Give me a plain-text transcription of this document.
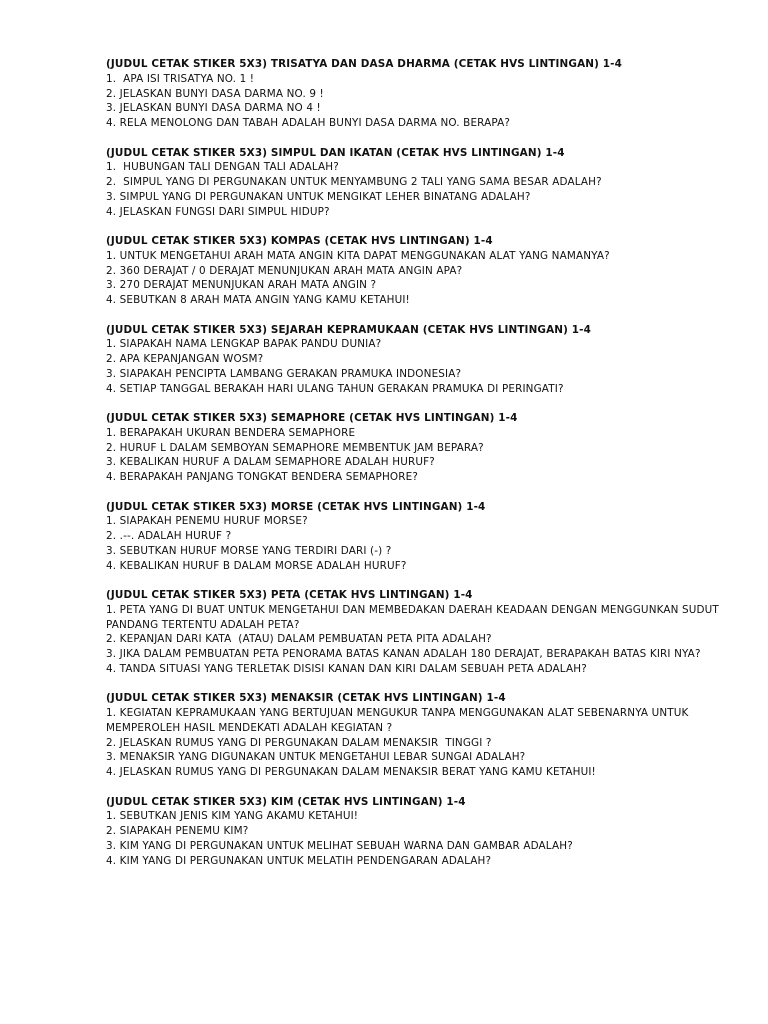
(JUDUL CETAK STIKER 5X3) TRISATYA DAN DASA DHARMA (CETAK HVS LINTINGAN) 1-4
1.  APA ISI TRISATYA NO. 1 !
2. JELASKAN BUNYI DASA DARMA NO. 9 !
3. JELASKAN BUNYI DASA DARMA NO 4 !
4. RELA MENOLONG DAN TABAH ADALAH BUNYI DASA DARMA NO. BERAPA?
(JUDUL CETAK STIKER 5X3) SIMPUL DAN IKATAN (CETAK HVS LINTINGAN) 1-4
1.  HUBUNGAN TALI DENGAN TALI ADALAH?
2.  SIMPUL YANG DI PERGUNAKAN UNTUK MENYAMBUNG 2 TALI YANG SAMA BESAR ADALAH?
3. SIMPUL YANG DI PERGUNAKAN UNTUK MENGIKAT LEHER BINATANG ADALAH?
4. JELASKAN FUNGSI DARI SIMPUL HIDUP?
(JUDUL CETAK STIKER 5X3) KOMPAS (CETAK HVS LINTINGAN) 1-4
1. UNTUK MENGETAHUI ARAH MATA ANGIN KITA DAPAT MENGGUNAKAN ALAT YANG NAMANYA?
2. 360 DERAJAT / 0 DERAJAT MENUNJUKAN ARAH MATA ANGIN APA?
3. 270 DERAJAT MENUNJUKAN ARAH MATA ANGIN ?
4. SEBUTKAN 8 ARAH MATA ANGIN YANG KAMU KETAHUI!
(JUDUL CETAK STIKER 5X3) SEJARAH KEPRAMUKAAN (CETAK HVS LINTINGAN) 1-4
1. SIAPAKAH NAMA LENGKAP BAPAK PANDU DUNIA?
2. APA KEPANJANGAN WOSM?
3. SIAPAKAH PENCIPTA LAMBANG GERAKAN PRAMUKA INDONESIA?
4. SETIAP TANGGAL BERAKAH HARI ULANG TAHUN GERAKAN PRAMUKA DI PERINGATI?
(JUDUL CETAK STIKER 5X3) SEMAPHORE (CETAK HVS LINTINGAN) 1-4
1. BERAPAKAH UKURAN BENDERA SEMAPHORE
2. HURUF L DALAM SEMBOYAN SEMAPHORE MEMBENTUK JAM BEPARA?
3. KEBALIKAN HURUF A DALAM SEMAPHORE ADALAH HURUF?
4. BERAPAKAH PANJANG TONGKAT BENDERA SEMAPHORE?
(JUDUL CETAK STIKER 5X3) MORSE (CETAK HVS LINTINGAN) 1-4
1. SIAPAKAH PENEMU HURUF MORSE?
2. .--. ADALAH HURUF ?
3. SEBUTKAN HURUF MORSE YANG TERDIRI DARI (-) ?
4. KEBALIKAN HURUF B DALAM MORSE ADALAH HURUF?
(JUDUL CETAK STIKER 5X3) PETA (CETAK HVS LINTINGAN) 1-4
1. PETA YANG DI BUAT UNTUK MENGETAHUI DAN MEMBEDAKAN DAERAH KEADAAN DENGAN MENGGUNKAN SUDUT PANDANG TERTENTU ADALAH PETA?
2. KEPANJAN DARI KATA  (ATAU) DALAM PEMBUATAN PETA PITA ADALAH?
3. JIKA DALAM PEMBUATAN PETA PENORAMA BATAS KANAN ADALAH 180 DERAJAT, BERAPAKAH BATAS KIRI NYA?
4. TANDA SITUASI YANG TERLETAK DISISI KANAN DAN KIRI DALAM SEBUAH PETA ADALAH?
(JUDUL CETAK STIKER 5X3) MENAKSIR (CETAK HVS LINTINGAN) 1-4
1. KEGIATAN KEPRAMUKAAN YANG BERTUJUAN MENGUKUR TANPA MENGGUNAKAN ALAT SEBENARNYA UNTUK MEMPEROLEH HASIL MENDEKATI ADALAH KEGIATAN ?
2. JELASKAN RUMUS YANG DI PERGUNAKAN DALAM MENAKSIR  TINGGI ?
3. MENAKSIR YANG DIGUNAKAN UNTUK MENGETAHUI LEBAR SUNGAI ADALAH?
4. JELASKAN RUMUS YANG DI PERGUNAKAN DALAM MENAKSIR BERAT YANG KAMU KETAHUI!
(JUDUL CETAK STIKER 5X3) KIM (CETAK HVS LINTINGAN) 1-4
1. SEBUTKAN JENIS KIM YANG AKAMU KETAHUI!
2. SIAPAKAH PENEMU KIM?
3. KIM YANG DI PERGUNAKAN UNTUK MELIHAT SEBUAH WARNA DAN GAMBAR ADALAH?
4. KIM YANG DI PERGUNAKAN UNTUK MELATIH PENDENGARAN ADALAH?
